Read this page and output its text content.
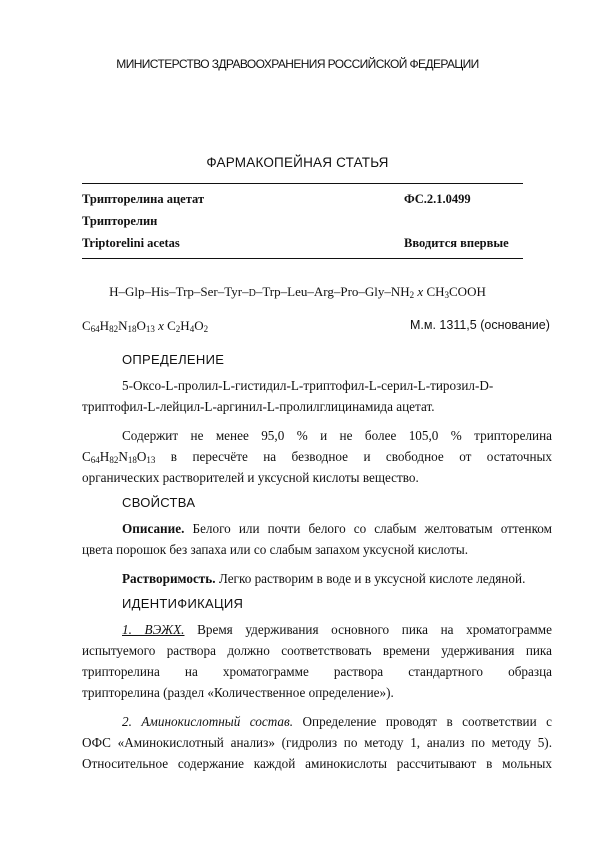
МИНИСТЕРСТВО ЗДРАВООХРАНЕНИЯ РОССИЙСКОЙ ФЕДЕРАЦИИ
ФАРМАКОПЕЙНАЯ СТАТЬЯ
Трипторелина ацетат	ФС.2.1.0499
Трипторелин
Triptorelini acetas	Вводится впервые
$H-Glp-His-Trp-Ser-Tyr-D-Trp-Leu-Arg-Pro-Gly-NH_2$ x $CH_3COOH$
$C_{64}H_{82}N_{18}O_{13}$ x $C_2H_4O_2$	М.м. 1311,5 (основание)
ОПРЕДЕЛЕНИЕ
5-Оксо-L-пролил-L-гистидил-L-триптофил-L-серил-L-тирозил-D-
триптофил-L-лейцил-L-аргинил-L-пролилглицинамида ацетат.
Содержит не менее 95,0 % и не более 105,0 % трипторелина
$C_{64}H_{82}N_{18}O_{13}$ в пересчёте на безводное и свободное от остаточных
органических растворителей и уксусной кислоты вещество.
СВОЙСТВА
Описание. Белого или почти белого со слабым желтоватым оттенком
цвета порошок без запаха или со слабым запахом уксусной кислоты.
Растворимость. Легко растворим в воде и в уксусной кислоте ледяной.
ИДЕНТИФИКАЦИЯ
1. ВЭЖХ. Время удерживания основного пика на хроматограмме
испытуемого раствора должно соответствовать времени удерживания пика
трипторелина на хроматограмме раствора стандартного образца
трипторелина (раздел «Количественное определение»).
2. Аминокислотный состав. Определение проводят в соответствии с
ОФС «Аминокислотный анализ» (гидролиз по методу 1, анализ по методу 5).
Относительное содержание каждой аминокислоты рассчитывают в мольных
